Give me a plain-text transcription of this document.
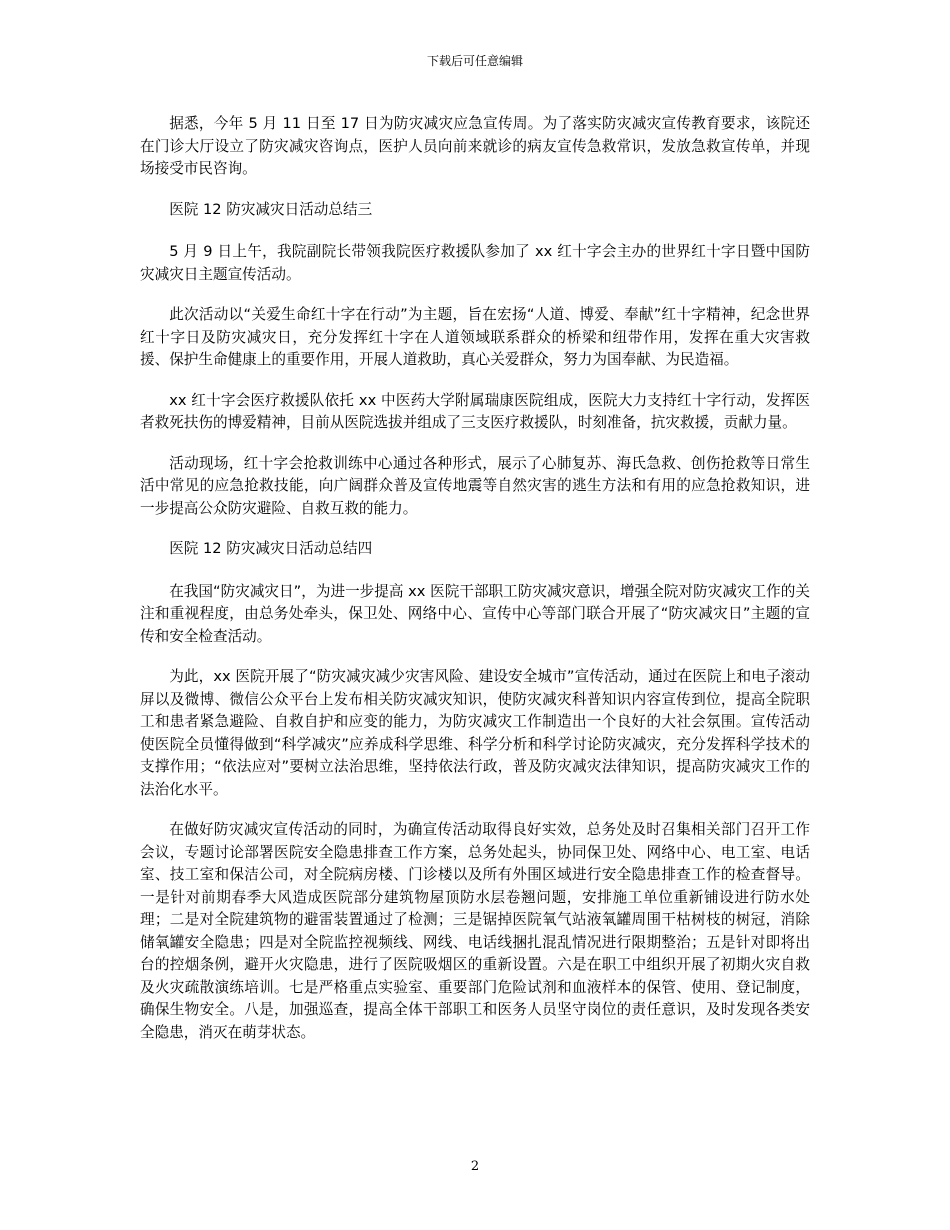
下载后可任意编辑

据悉，今年 5 月 11 日至 17 日为防灾减灾应急宣传周。为了落实防灾减灾宣传教育要求，该院还在门诊大厅设立了防灾减灾咨询点，医护人员向前来就诊的病友宣传急救常识，发放急救宣传单，并现场接受市民咨询。

医院 12 防灾减灾日活动总结三

5 月 9 日上午，我院副院长带领我院医疗救援队参加了 xx 红十字会主办的世界红十字日暨中国防灾减灾日主题宣传活动。

此次活动以“关爱生命红十字在行动”为主题，旨在宏扬“人道、博爱、奉献”红十字精神，纪念世界红十字日及防灾减灾日，充分发挥红十字在人道领域联系群众的桥梁和纽带作用，发挥在重大灾害救援、保护生命健康上的重要作用，开展人道救助，真心关爱群众，努力为国奉献、为民造福。

xx 红十字会医疗救援队依托 xx 中医药大学附属瑞康医院组成，医院大力支持红十字行动，发挥医者救死扶伤的博爱精神，目前从医院选拔并组成了三支医疗救援队，时刻准备，抗灾救援，贡献力量。

活动现场，红十字会抢救训练中心通过各种形式，展示了心肺复苏、海氏急救、创伤抢救等日常生活中常见的应急抢救技能，向广阔群众普及宣传地震等自然灾害的逃生方法和有用的应急抢救知识，进一步提高公众防灾避险、自救互救的能力。

医院 12 防灾减灾日活动总结四

在我国“防灾减灾日”，为进一步提高 xx 医院干部职工防灾减灾意识，增强全院对防灾减灾工作的关注和重视程度，由总务处牵头，保卫处、网络中心、宣传中心等部门联合开展了“防灾减灾日”主题的宣传和安全检查活动。

为此，xx 医院开展了“防灾减灾减少灾害风险、建设安全城市”宣传活动，通过在医院上和电子滚动屏以及微博、微信公众平台上发布相关防灾减灾知识，使防灾减灾科普知识内容宣传到位，提高全院职工和患者紧急避险、自救自护和应变的能力，为防灾减灾工作制造出一个良好的大社会氛围。宣传活动使医院全员懂得做到“科学减灾”应养成科学思维、科学分析和科学讨论防灾减灾，充分发挥科学技术的支撑作用；“依法应对”要树立法治思维，坚持依法行政，普及防灾减灾法律知识，提高防灾减灾工作的法治化水平。

在做好防灾减灾宣传活动的同时，为确宣传活动取得良好实效，总务处及时召集相关部门召开工作会议，专题讨论部署医院安全隐患排查工作方案，总务处起头，协同保卫处、网络中心、电工室、电话室、技工室和保洁公司，对全院病房楼、门诊楼以及所有外围区域进行安全隐患排查工作的检查督导。一是针对前期春季大风造成医院部分建筑物屋顶防水层卷翘问题，安排施工单位重新铺设进行防水处理；二是对全院建筑物的避雷装置通过了检测；三是锯掉医院氧气站液氧罐周围干枯树枝的树冠，消除储氧罐安全隐患；四是对全院监控视频线、网线、电话线捆扎混乱情况进行限期整治；五是针对即将出台的控烟条例，避开火灾隐患，进行了医院吸烟区的重新设置。六是在职工中组织开展了初期火灾自救及火灾疏散演练培训。七是严格重点实验室、重要部门危险试剂和血液样本的保管、使用、登记制度，确保生物安全。八是，加强巡查，提高全体干部职工和医务人员坚守岗位的责任意识，及时发现各类安全隐患，消灭在萌芽状态。

2
